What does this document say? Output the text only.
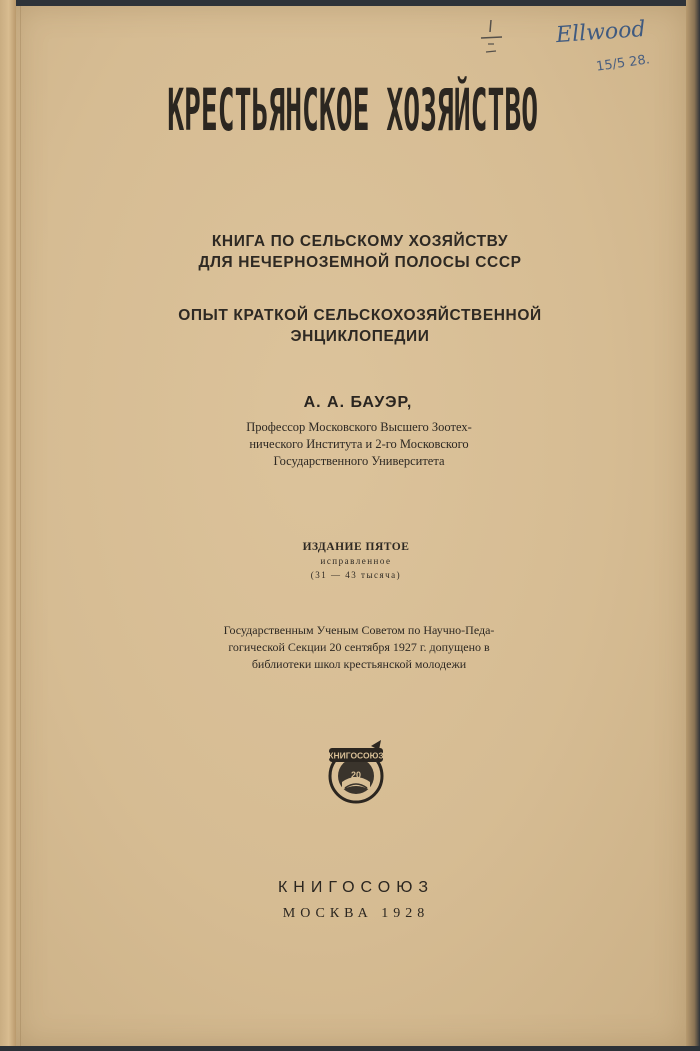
Ellwood
15/5 28.
КРЕСТЬЯНСКОЕ ХОЗЯЙСТВО
КНИГА ПО СЕЛЬСКОМУ ХОЗЯЙСТВУ
ДЛЯ НЕЧЕРНОЗЕМНОЙ ПОЛОСЫ СССР
ОПЫТ КРАТКОЙ СЕЛЬСКОХОЗЯЙСТВЕННОЙ
ЭНЦИКЛОПЕДИИ
А. А. БАУЭР,
Профессор Московского Высшего Зоотех-
нического Института и 2-го Московского
Государственного Университета
ИЗДАНИЕ ПЯТОЕ
исправленное
(31 — 43 тысяча)
Государственным Ученым Советом по Научно-Педа-
гогической Секции 20 сентября 1927 г. допущено в
библиотеки школ крестьянской молодежи
КНИГОСОЮЗ
20
КНИГОСОЮЗ
МОСКВА 1928
